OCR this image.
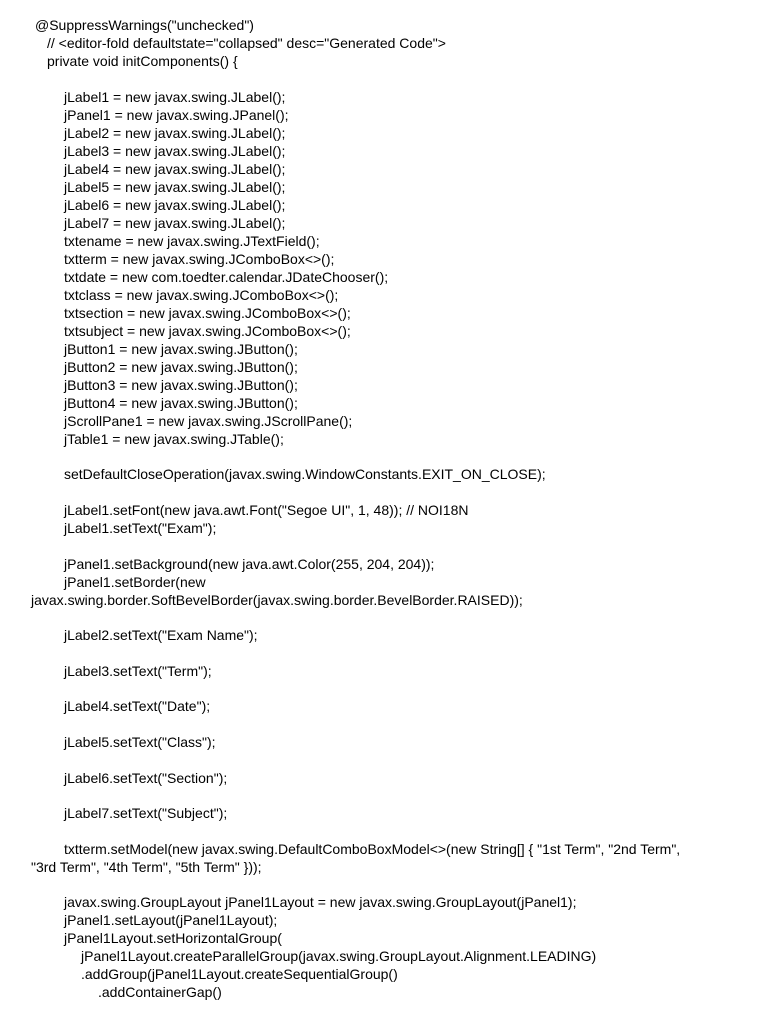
@SuppressWarnings("unchecked")

// <editor-fold defaultstate="collapsed" desc="Generated Code">

private void initComponents() {

jLabel1 = new javax.swing.JLabel();

jPanel1 = new javax.swing.JPanel();

jLabel2 = new javax.swing.JLabel();

jLabel3 = new javax.swing.JLabel();

jLabel4 = new javax.swing.JLabel();

jLabel5 = new javax.swing.JLabel();

jLabel6 = new javax.swing.JLabel();

jLabel7 = new javax.swing.JLabel();

txtename = new javax.swing.JTextField();

txtterm = new javax.swing.JComboBox<>();

txtdate = new com.toedter.calendar.JDateChooser();

txtclass = new javax.swing.JComboBox<>();

txtsection = new javax.swing.JComboBox<>();

txtsubject = new javax.swing.JComboBox<>();

jButton1 = new javax.swing.JButton();

jButton2 = new javax.swing.JButton();

jButton3 = new javax.swing.JButton();

jButton4 = new javax.swing.JButton();

jScrollPane1 = new javax.swing.JScrollPane();

jTable1 = new javax.swing.JTable();

setDefaultCloseOperation(javax.swing.WindowConstants.EXIT_ON_CLOSE);

jLabel1.setFont(new java.awt.Font("Segoe UI", 1, 48)); // NOI18N

jLabel1.setText("Exam");

jPanel1.setBackground(new java.awt.Color(255, 204, 204));

jPanel1.setBorder(new

javax.swing.border.SoftBevelBorder(javax.swing.border.BevelBorder.RAISED));

jLabel2.setText("Exam Name");

jLabel3.setText("Term");

jLabel4.setText("Date");

jLabel5.setText("Class");

jLabel6.setText("Section");

jLabel7.setText("Subject");

txtterm.setModel(new javax.swing.DefaultComboBoxModel<>(new String[] { "1st Term", "2nd Term",

"3rd Term", "4th Term", "5th Term" }));

javax.swing.GroupLayout jPanel1Layout = new javax.swing.GroupLayout(jPanel1);

jPanel1.setLayout(jPanel1Layout);

jPanel1Layout.setHorizontalGroup(

jPanel1Layout.createParallelGroup(javax.swing.GroupLayout.Alignment.LEADING)

.addGroup(jPanel1Layout.createSequentialGroup()

.addContainerGap()
